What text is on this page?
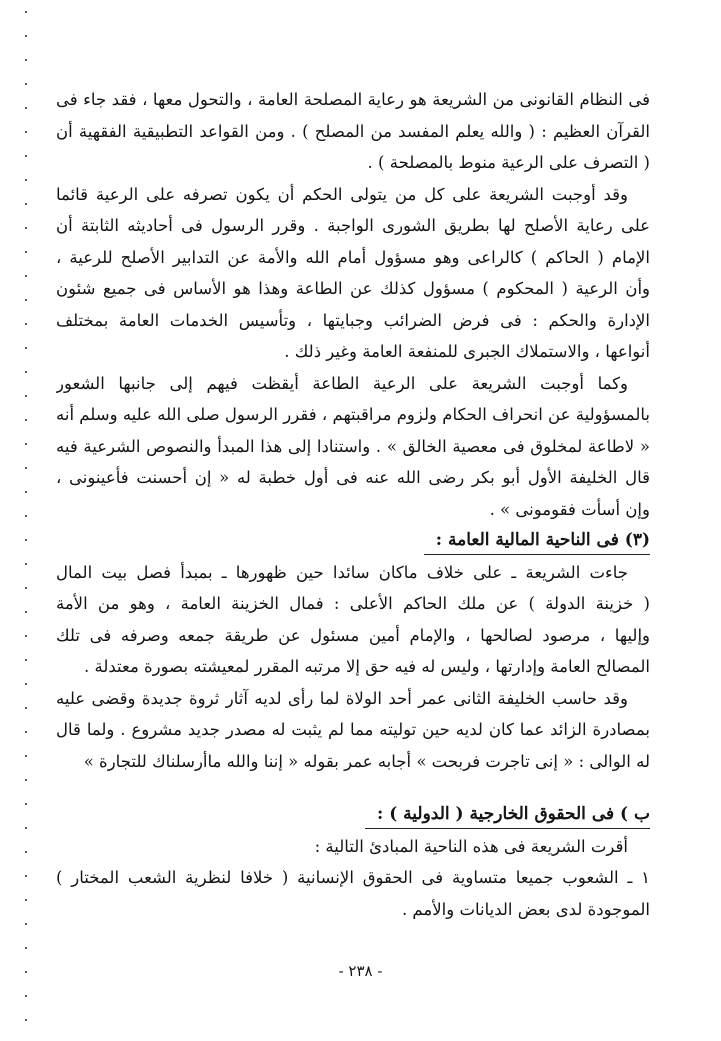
فى النظام القانونى من الشريعة هو رعاية المصلحة العامة ، والتحول معها ، فقد جاء فى
القرآن العظيم : ( والله يعلم المفسد من المصلح ) . ومن القواعد التطبيقية الفقهية أن
( التصرف على الرعية منوط بالمصلحة ) .
وقد أوجبت الشريعة على كل من يتولى الحكم أن يكون تصرفه على الرعية قائما
على رعاية الأصلح لها بطريق الشورى الواجبة . وقرر الرسول فى أحاديثه الثابتة أن
الإمام ( الحاكم ) كالراعى وهو مسؤول أمام الله والأمة عن التدابير الأصلح للرعية ،
وأن الرعية ( المحكوم ) مسؤول كذلك عن الطاعة وهذا هو الأساس فى جميع شئون
الإدارة والحكم : فى فرض الضرائب وجبايتها ، وتأسيس الخدمات العامة بمختلف
أنواعها ، والاستملاك الجبرى للمنفعة العامة وغير ذلك .
وكما أوجبت الشريعة على الرعية الطاعة أيقظت فيهم إلى جانبها الشعور
بالمسؤولية عن انحراف الحكام ولزوم مراقبتهم ، فقرر الرسول صلى الله عليه وسلم أنه
« لاطاعة لمخلوق فى معصية الخالق » . واستنادا إلى هذا المبدأ والنصوص الشرعية فيه
قال الخليفة الأول أبو بكر رضى الله عنه فى أول خطبة له « إن أحسنت فأعينونى ،
وإن أسأت فقومونى » .
(٣) فى الناحية المالية العامة :
جاءت الشريعة ـ على خلاف ماكان سائدا حين ظهورها ـ بمبدأ فصل بيت المال
( خزينة الدولة ) عن ملك الحاكم الأعلى : فمال الخزينة العامة ، وهو من الأمة
وإليها ، مرصود لصالحها ، والإمام أمين مسئول عن طريقة جمعه وصرفه فى تلك
المصالح العامة وإدارتها ، وليس له فيه حق إلا مرتبه المقرر لمعيشته بصورة معتدلة .
وقد حاسب الخليفة الثانى عمر أحد الولاة لما رأى لديه آثار ثروة جديدة وقضى عليه
بمصادرة الزائد عما كان لديه حين توليته مما لم يثبت له مصدر جديد مشروع . ولما قال
له الوالى : « إنى تاجرت فربحت » أجابه عمر بقوله « إننا والله ماأرسلناك للتجارة »
ب ) فى الحقوق الخارجية ( الدولية ) :
أقرت الشريعة فى هذه الناحية المبادئ التالية :
١ ـ الشعوب جميعا متساوية فى الحقوق الإنسانية ( خلافا لنظرية الشعب المختار )
الموجودة لدى بعض الديانات والأمم .
- ٢٣٨ -
